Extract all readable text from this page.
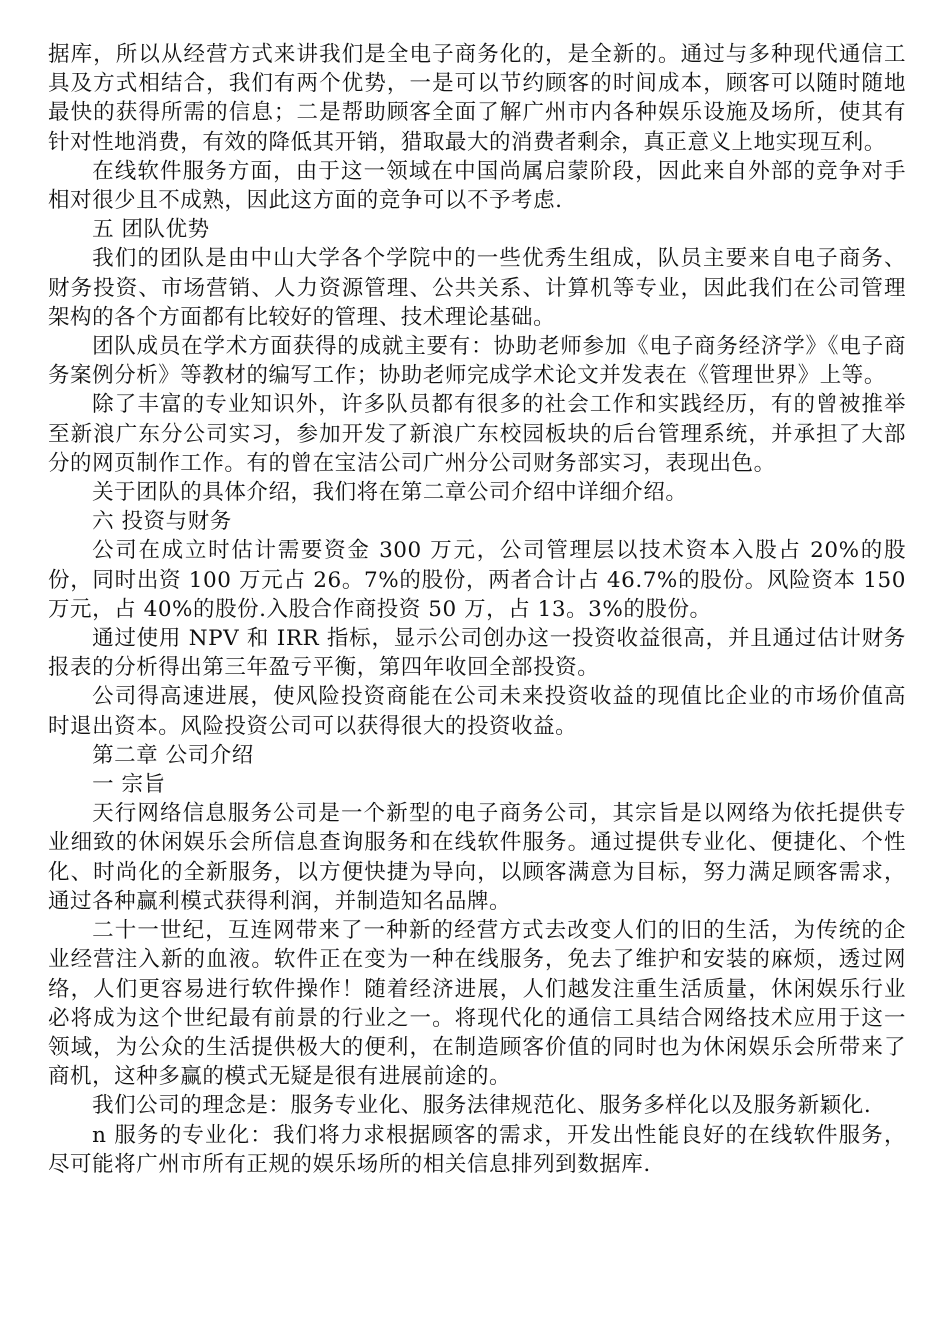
据库，所以从经营方式来讲我们是全电子商务化的，是全新的。通过与多种现代通信工具及方式相结合，我们有两个优势，一是可以节约顾客的时间成本，顾客可以随时随地最快的获得所需的信息；二是帮助顾客全面了解广州市内各种娱乐设施及场所，使其有针对性地消费，有效的降低其开销，猎取最大的消费者剩余，真正意义上地实现互利。

在线软件服务方面，由于这一领域在中国尚属启蒙阶段，因此来自外部的竞争对手相对很少且不成熟，因此这方面的竞争可以不予考虑.

五 团队优势

我们的团队是由中山大学各个学院中的一些优秀生组成，队员主要来自电子商务、财务投资、市场营销、人力资源管理、公共关系、计算机等专业，因此我们在公司管理架构的各个方面都有比较好的管理、技术理论基础。

团队成员在学术方面获得的成就主要有：协助老师参加《电子商务经济学》《电子商务案例分析》等教材的编写工作；协助老师完成学术论文并发表在《管理世界》上等。

除了丰富的专业知识外，许多队员都有很多的社会工作和实践经历，有的曾被推举至新浪广东分公司实习，参加开发了新浪广东校园板块的后台管理系统，并承担了大部分的网页制作工作。有的曾在宝洁公司广州分公司财务部实习，表现出色。

关于团队的具体介绍，我们将在第二章公司介绍中详细介绍。

六 投资与财务

公司在成立时估计需要资金 300 万元，公司管理层以技术资本入股占 20%的股份，同时出资 100 万元占 26。7%的股份，两者合计占 46.7%的股份。风险资本 150 万元，占 40%的股份.入股合作商投资 50 万，占 13。3%的股份。

通过使用 NPV 和 IRR 指标，显示公司创办这一投资收益很高，并且通过估计财务报表的分析得出第三年盈亏平衡，第四年收回全部投资。

公司得高速进展，使风险投资商能在公司未来投资收益的现值比企业的市场价值高时退出资本。风险投资公司可以获得很大的投资收益。

第二章 公司介绍

一 宗旨

天行网络信息服务公司是一个新型的电子商务公司，其宗旨是以网络为依托提供专业细致的休闲娱乐会所信息查询服务和在线软件服务。通过提供专业化、便捷化、个性化、时尚化的全新服务，以方便快捷为导向，以顾客满意为目标，努力满足顾客需求，通过各种赢利模式获得利润，并制造知名品牌。

二十一世纪，互连网带来了一种新的经营方式去改变人们的旧的生活，为传统的企业经营注入新的血液。软件正在变为一种在线服务，免去了维护和安装的麻烦，透过网络，人们更容易进行软件操作！随着经济进展，人们越发注重生活质量，休闲娱乐行业必将成为这个世纪最有前景的行业之一。将现代化的通信工具结合网络技术应用于这一领域，为公众的生活提供极大的便利，在制造顾客价值的同时也为休闲娱乐会所带来了商机，这种多赢的模式无疑是很有进展前途的。

我们公司的理念是：服务专业化、服务法律规范化、服务多样化以及服务新颖化.

n 服务的专业化：我们将力求根据顾客的需求，开发出性能良好的在线软件服务，尽可能将广州市所有正规的娱乐场所的相关信息排列到数据库.
